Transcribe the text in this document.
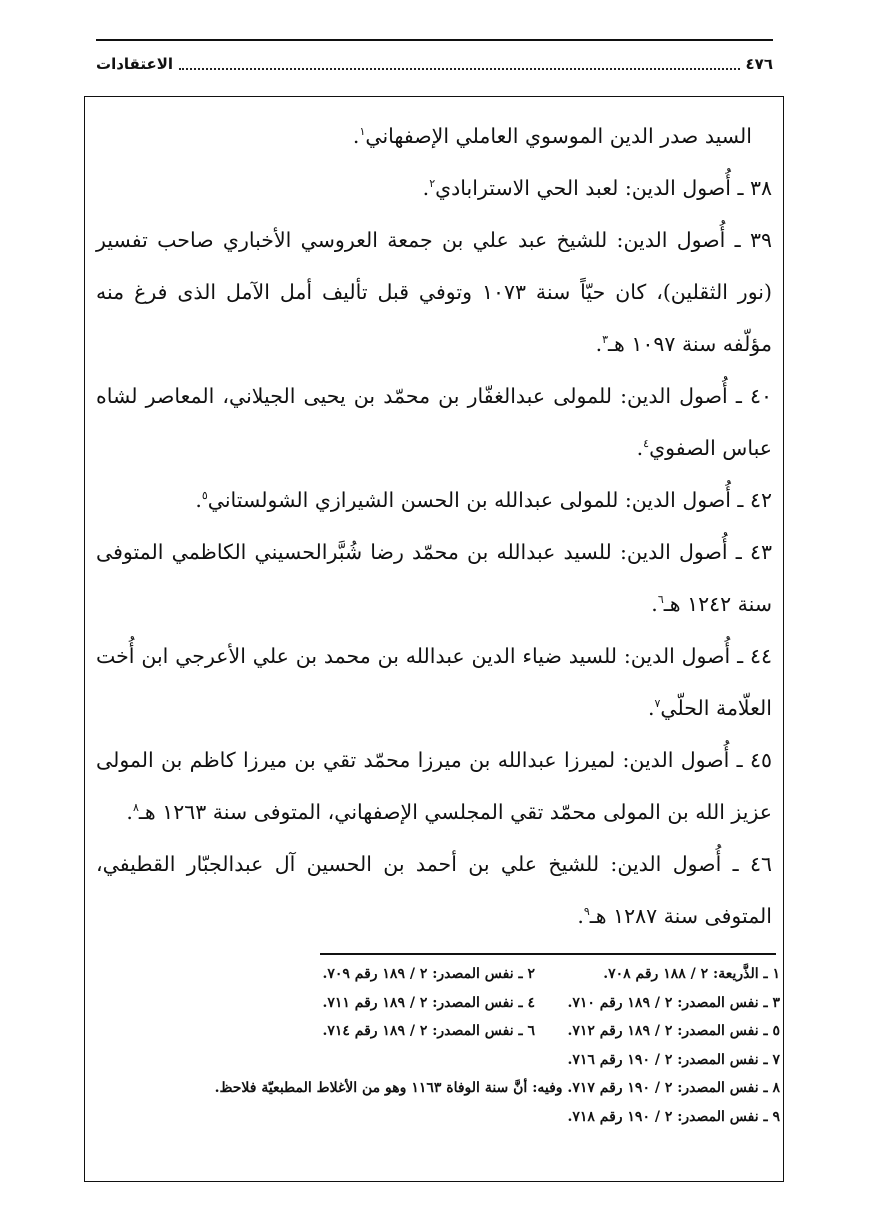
٤٧٦
الاعتقادات

السيد صدر الدين الموسوي العاملي الإصفهاني$^١$.

٣٨ ـ أُصول الدين: لعبد الحي الاسترابادي$^٢$.

٣٩ ـ أُصول الدين: للشيخ عبد علي بن جمعة العروسي الأخباري صاحب تفسير (نور الثقلين)، كان حيّاً سنة ١٠٧٣ وتوفي قبل تأليف أمل الآمل الذى فرغ منه مؤلّفه سنة ١٠٩٧ هـ$^٣$.

٤٠ ـ أُصول الدين: للمولى عبدالغفّار بن محمّد بن يحيى الجيلاني، المعاصر لشاه عباس الصفوي$^٤$.

٤٢ ـ أُصول الدين: للمولى عبدالله بن الحسن الشيرازي الشولستاني$^٥$.

٤٣ ـ أُصول الدين: للسيد عبدالله بن محمّد رضا شُبَّرالحسيني الكاظمي المتوفى سنة ١٢٤٢ هـ$^٦$.

٤٤ ـ أُصول الدين: للسيد ضياء الدين عبدالله بن محمد بن علي الأعرجي ابن أُخت العلّامة الحلّي$^٧$.

٤٥ ـ أُصول الدين: لميرزا عبدالله بن ميرزا محمّد تقي بن ميرزا كاظم بن المولى عزيز الله بن المولى محمّد تقي المجلسي الإصفهاني، المتوفى سنة ١٢٦٣ هـ$^٨$.

٤٦ ـ أُصول الدين: للشيخ علي بن أحمد بن الحسين آل عبدالجبّار القطيفي، المتوفى سنة ١٢٨٧ هـ$^٩$.

١ ـ الذَّريعة: ٢ / ١٨٨ رقم ٧٠٨.
٢ ـ نفس المصدر: ٢ / ١٨٩ رقم ٧٠٩.
٣ ـ نفس المصدر: ٢ / ١٨٩ رقم ٧١٠.
٤ ـ نفس المصدر: ٢ / ١٨٩ رقم ٧١١.
٥ ـ نفس المصدر: ٢ / ١٨٩ رقم ٧١٢.
٦ ـ نفس المصدر: ٢ / ١٨٩ رقم ٧١٤.
٧ ـ نفس المصدر: ٢ / ١٩٠ رقم ٧١٦.
٨ ـ نفس المصدر: ٢ / ١٩٠ رقم ٧١٧. وفيه: أنَّ سنة الوفاة ١١٦٣ وهو من الأغلاط المطبعيّة فلاحظ.
٩ ـ نفس المصدر: ٢ / ١٩٠ رقم ٧١٨.
